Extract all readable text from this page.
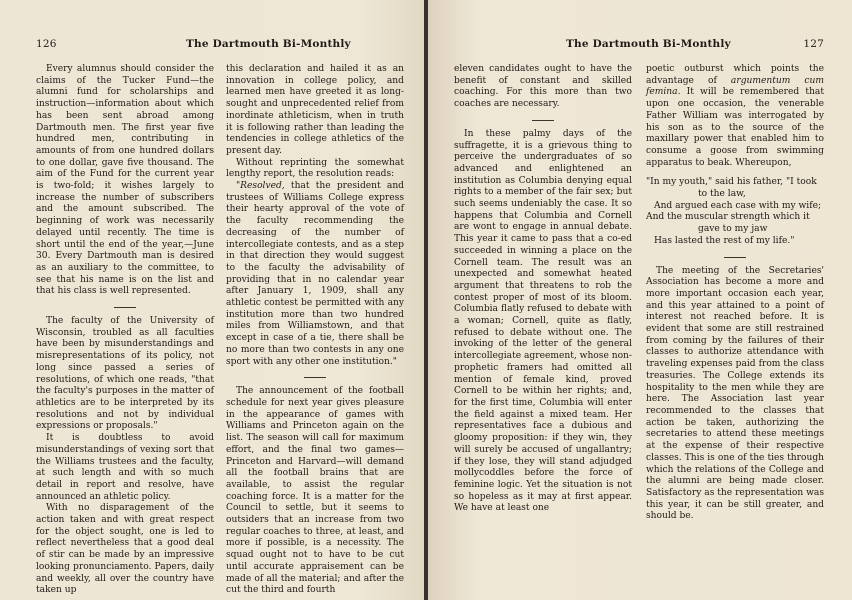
126	The Dartmouth Bi-Monthly

Every alumnus should consider the claims of the Tucker Fund—the alumni fund for scholarships and instruction—information about which has been sent abroad among Dartmouth men. The first year five hundred men, contributing in amounts of from one hundred dollars to one dollar, gave five thousand. The aim of the Fund for the current year is two-fold; it wishes largely to increase the number of subscribers and the amount subscribed. The beginning of work was necessarily delayed until recently. The time is short until the end of the year,—June 30. Every Dartmouth man is desired as an auxiliary to the committee, to see that his name is on the list and that his class is well represented.

The faculty of the University of Wisconsin, troubled as all faculties have been by misunderstandings and misrepresentations of its policy, not long since passed a series of resolutions, of which one reads, "that the faculty's purposes in the matter of athletics are to be interpreted by its resolutions and not by individual expressions or proposals."

It is doubtless to avoid misunderstandings of vexing sort that the Williams trustees and the faculty, at such length and with so much detail in report and resolve, have announced an athletic policy.

With no disparagement of the action taken and with great respect for the object sought, one is led to reflect nevertheless that a good deal of stir can be made by an impressive looking pronunciamento. Papers, daily and weekly, all over the country have taken up

this declaration and hailed it as an innovation in college policy, and learned men have greeted it as long-sought and unprecedented relief from inordinate athleticism, when in truth it is following rather than leading the tendencies in college athletics of the present day.

Without reprinting the somewhat lengthy report, the resolution reads:

"Resolved, that the president and trustees of Williams College express their hearty approval of the vote of the faculty recommending the decreasing of the number of intercollegiate contests, and as a step in that direction they would suggest to the faculty the advisability of providing that in no calendar year after January 1, 1909, shall any athletic contest be permitted with any institution more than two hundred miles from Williamstown, and that except in case of a tie, there shall be no more than two contests in any one sport with any other one institution."

The announcement of the football schedule for next year gives pleasure in the appearance of games with Williams and Princeton again on the list. The season will call for maximum effort, and the final two games—Princeton and Harvard—will demand all the football brains that are available, to assist the regular coaching force. It is a matter for the Council to settle, but it seems to outsiders that an increase from two regular coaches to three, at least, and more if possible, is a necessity. The squad ought not to have to be cut until accurate appraisement can be made of all the material; and after the cut the third and fourth

The Dartmouth Bi-Monthly	127

eleven candidates ought to have the benefit of constant and skilled coaching. For this more than two coaches are necessary.

In these palmy days of the suffragette, it is a grievous thing to perceive the undergraduates of so advanced and enlightened an institution as Columbia denying equal rights to a member of the fair sex; but such seems undeniably the case. It so happens that Columbia and Cornell are wont to engage in annual debate. This year it came to pass that a co-ed succeeded in winning a place on the Cornell team. The result was an unexpected and somewhat heated argument that threatens to rob the contest proper of most of its bloom. Columbia flatly refused to debate with a woman; Cornell, quite as flatly, refused to debate without one. The invoking of the letter of the general intercollegiate agreement, whose non-prophetic framers had omitted all mention of female kind, proved Cornell to be within her rights; and, for the first time, Columbia will enter the field against a mixed team. Her representatives face a dubious and gloomy proposition: if they win, they will surely be accused of ungallantry; if they lose, they will stand adjudged mollycoddles before the force of feminine logic. Yet the situation is not so hopeless as it may at first appear. We have at least one

poetic outburst which points the advantage of argumentum cum femina. It will be remembered that upon one occasion, the venerable Father William was interrogated by his son as to the source of the maxillary power that enabled him to consume a goose from swimming apparatus to beak. Whereupon,

"In my youth," said his father, "I took
to the law,
And argued each case with my wife;
And the muscular strength which it
gave to my jaw
Has lasted the rest of my life."

The meeting of the Secretaries' Association has become a more and more important occasion each year, and this year attained to a point of interest not reached before. It is evident that some are still restrained from coming by the failures of their classes to authorize attendance with traveling expenses paid from the class treasuries. The College extends its hospitality to the men while they are here. The Association last year recommended to the classes that action be taken, authorizing the secretaries to attend these meetings at the expense of their respective classes. This is one of the ties through which the relations of the College and the alumni are being made closer. Satisfactory as the representation was this year, it can be still greater, and should be.
